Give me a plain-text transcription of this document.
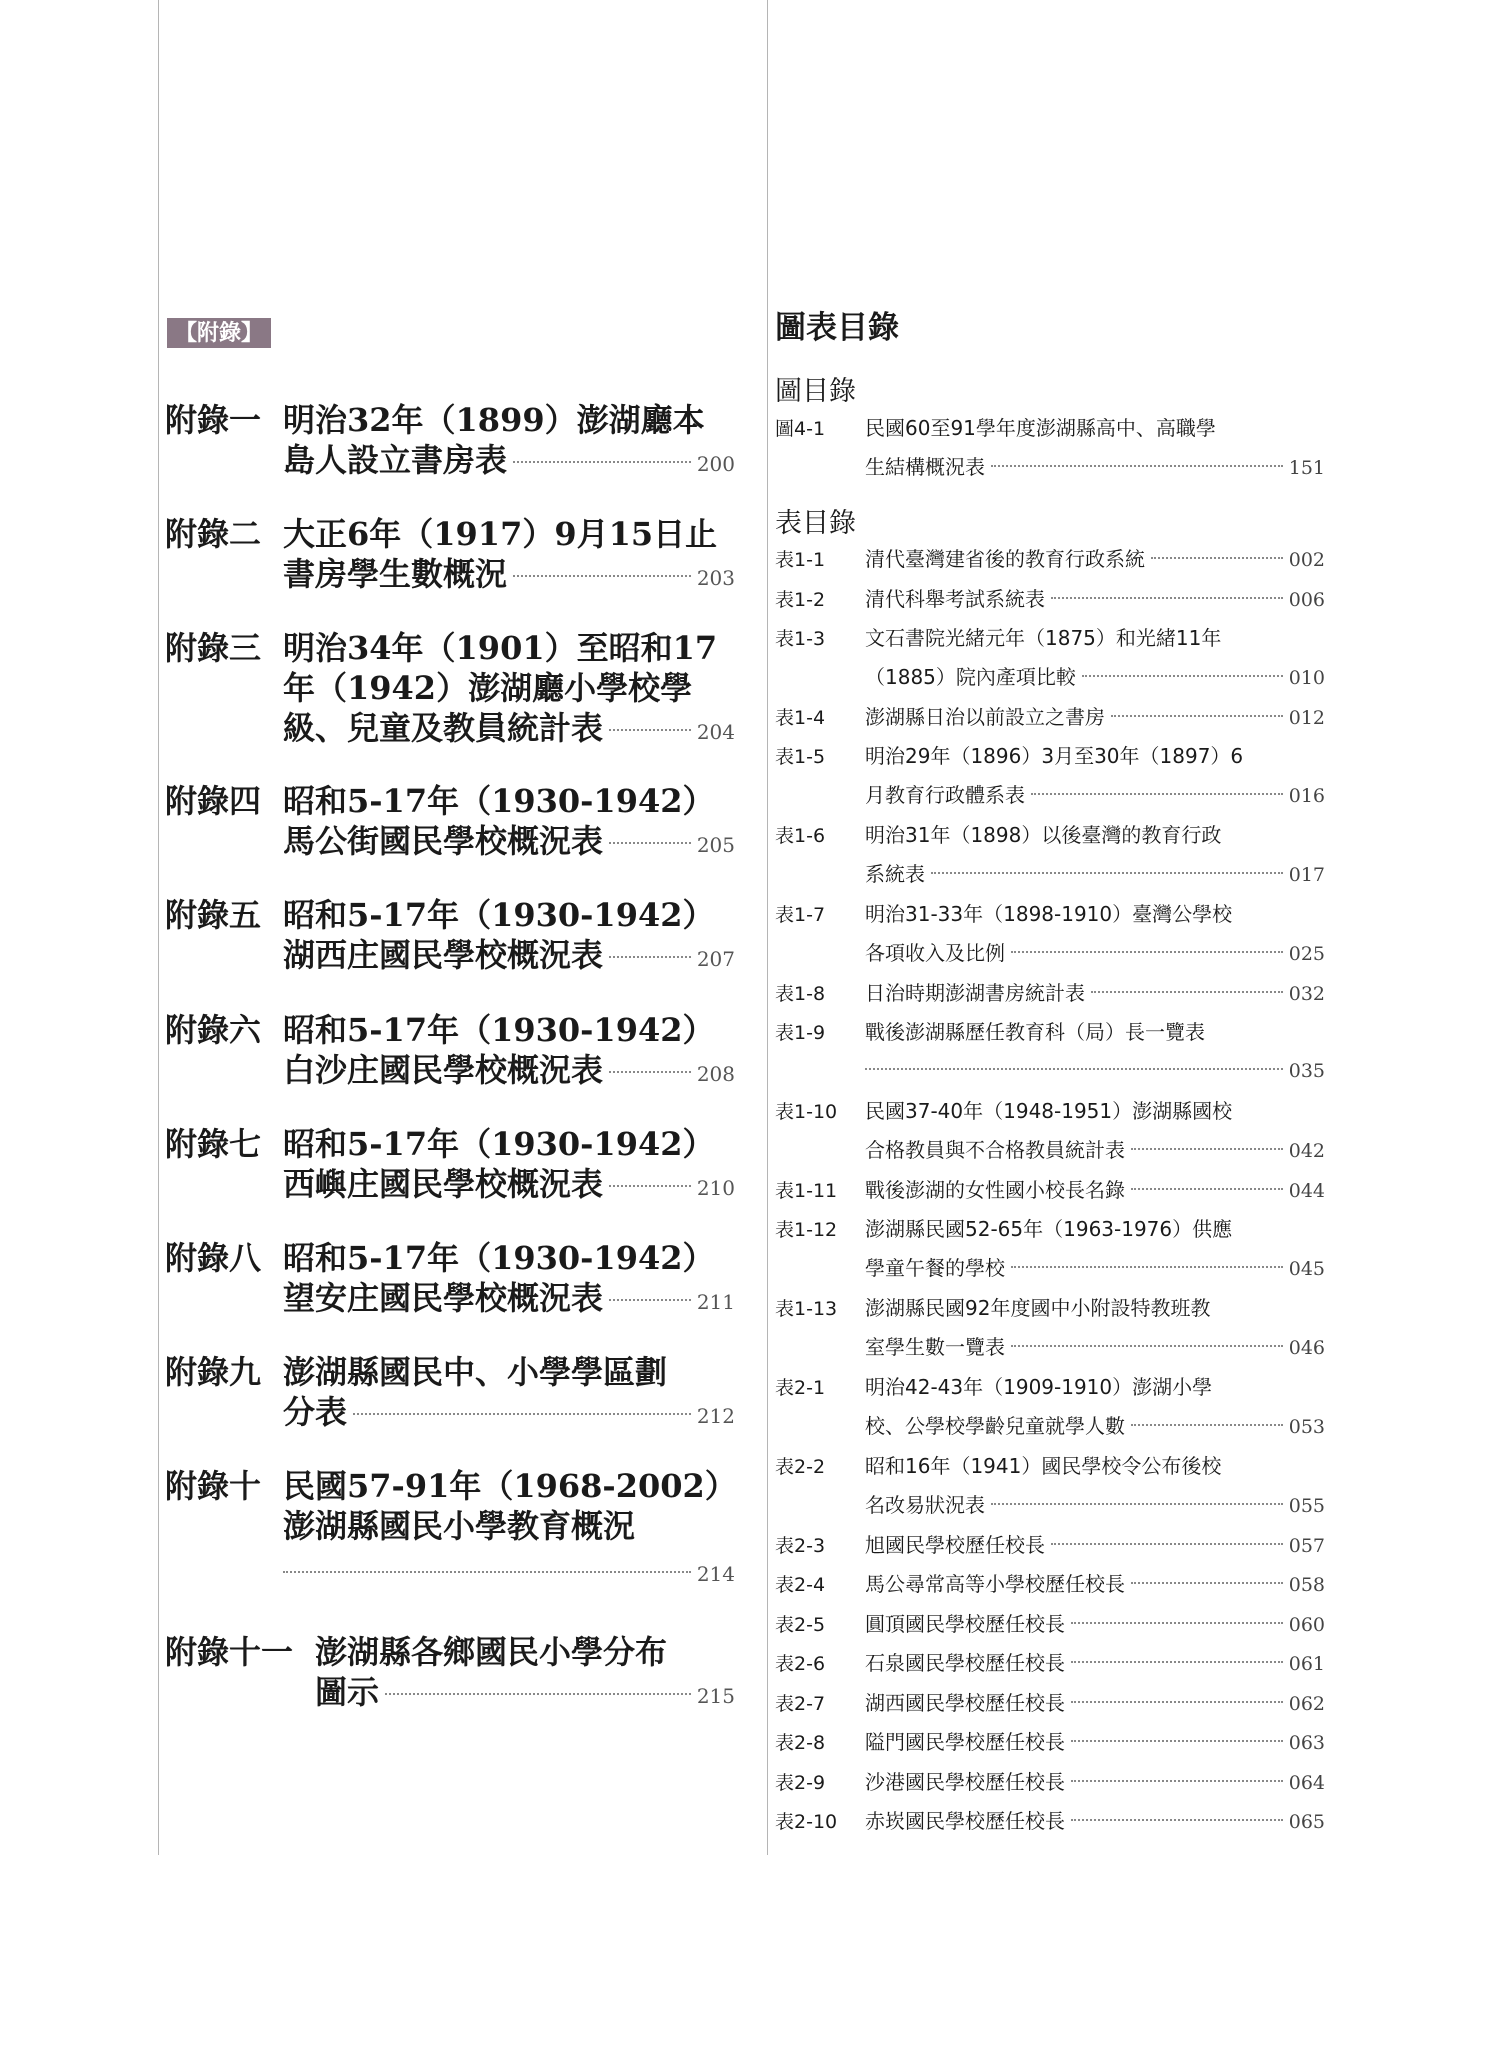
【附錄】
附錄一 明治32年（1899）澎湖廳本
島人設立書房表	200
附錄二 大正6年（1917）9月15日止
書房學生數概況	203
附錄三 明治34年（1901）至昭和17
年（1942）澎湖廳小學校學
級、兒童及教員統計表	204
附錄四 昭和5-17年（1930-1942）
馬公街國民學校概況表	205
附錄五 昭和5-17年（1930-1942）
湖西庄國民學校概況表	207
附錄六 昭和5-17年（1930-1942）
白沙庄國民學校概況表	208
附錄七 昭和5-17年（1930-1942）
西嶼庄國民學校概況表	210
附錄八 昭和5-17年（1930-1942）
望安庄國民學校概況表	211
附錄九 澎湖縣國民中、小學學區劃
分表	212
附錄十 民國57-91年（1968-2002）
澎湖縣國民小學教育概況
214
附錄十一 澎湖縣各鄉國民小學分布
圖示	215
圖表目錄
圖目錄
圖4-1	民國60至91學年度澎湖縣高中、高職學
生結構概況表	151
表目錄
表1-1	清代臺灣建省後的教育行政系統	002
表1-2	清代科舉考試系統表	006
表1-3	文石書院光緒元年（1875）和光緒11年
（1885）院內產項比較	010
表1-4	澎湖縣日治以前設立之書房	012
表1-5	明治29年（1896）3月至30年（1897）6
月教育行政體系表	016
表1-6	明治31年（1898）以後臺灣的教育行政
系統表	017
表1-7	明治31-33年（1898-1910）臺灣公學校
各項收入及比例	025
表1-8	日治時期澎湖書房統計表	032
表1-9	戰後澎湖縣歷任教育科（局）長一覽表
035
表1-10	民國37-40年（1948-1951）澎湖縣國校
合格教員與不合格教員統計表	042
表1-11	戰後澎湖的女性國小校長名錄	044
表1-12	澎湖縣民國52-65年（1963-1976）供應
學童午餐的學校	045
表1-13	澎湖縣民國92年度國中小附設特教班教
室學生數一覽表	046
表2-1	明治42-43年（1909-1910）澎湖小學
校、公學校學齡兒童就學人數	053
表2-2	昭和16年（1941）國民學校令公布後校
名改易狀況表	055
表2-3	旭國民學校歷任校長	057
表2-4	馬公尋常高等小學校歷任校長	058
表2-5	圓頂國民學校歷任校長	060
表2-6	石泉國民學校歷任校長	061
表2-7	湖西國民學校歷任校長	062
表2-8	隘門國民學校歷任校長	063
表2-9	沙港國民學校歷任校長	064
表2-10	赤崁國民學校歷任校長	065
